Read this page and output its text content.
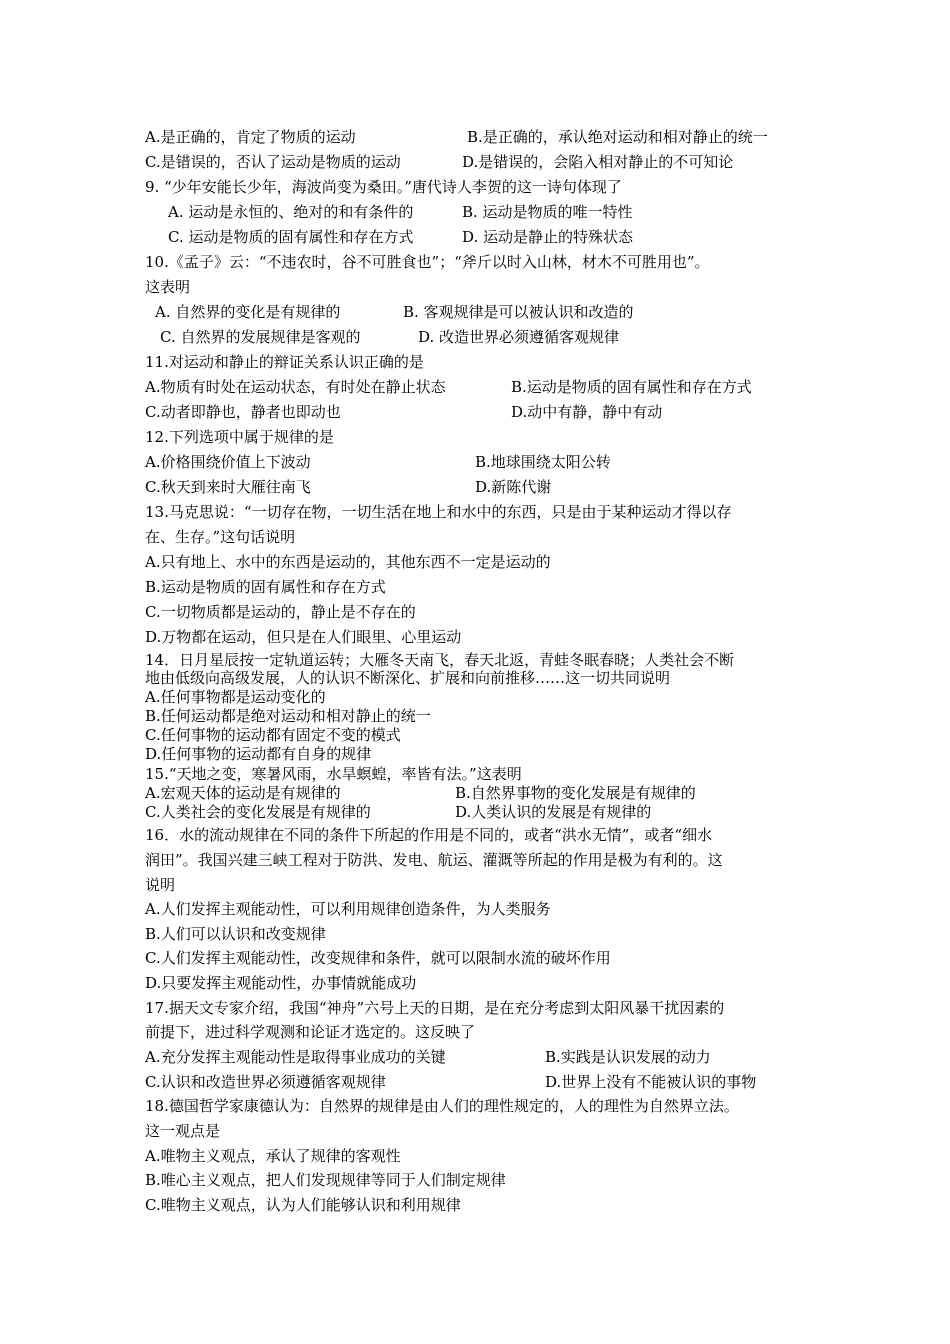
A.是正确的，肯定了物质的运动	B.是正确的，承认绝对运动和相对静止的统一
C.是错误的，否认了运动是物质的运动	D.是错误的，会陷入相对静止的不可知论
9. “少年安能长少年，海波尚变为桑田。”唐代诗人李贺的这一诗句体现了
A. 运动是永恒的、绝对的和有条件的	B. 运动是物质的唯一特性
C. 运动是物质的固有属性和存在方式	D. 运动是静止的特殊状态
10.《孟子》云：“不违农时，谷不可胜食也”；“斧斤以时入山林，材木不可胜用也”。
这表明
A. 自然界的变化是有规律的	B. 客观规律是可以被认识和改造的
C. 自然界的发展规律是客观的	D. 改造世界必须遵循客观规律
11.对运动和静止的辩证关系认识正确的是
A.物质有时处在运动状态，有时处在静止状态	B.运动是物质的固有属性和存在方式
C.动者即静也，静者也即动也	D.动中有静，静中有动
12.下列选项中属于规律的是
A.价格围绕价值上下波动	B.地球围绕太阳公转
C.秋天到来时大雁往南飞	D.新陈代谢
13.马克思说：“一切存在物，一切生活在地上和水中的东西，只是由于某种运动才得以存
在、生存。”这句话说明
A.只有地上、水中的东西是运动的，其他东西不一定是运动的
B.运动是物质的固有属性和存在方式
C.一切物质都是运动的，静止是不存在的
D.万物都在运动，但只是在人们眼里、心里运动
14．日月星辰按一定轨道运转；大雁冬天南飞，春天北返，青蛙冬眠春晓；人类社会不断
地由低级向高级发展，人的认识不断深化、扩展和向前推移……这一切共同说明
A.任何事物都是运动变化的
B.任何运动都是绝对运动和相对静止的统一
C.任何事物的运动都有固定不变的模式
D.任何事物的运动都有自身的规律
15.“天地之变，寒暑风雨，水旱螟蝗，率皆有法。”这表明
A.宏观天体的运动是有规律的	B.自然界事物的变化发展是有规律的
C.人类社会的变化发展是有规律的	D.人类认识的发展是有规律的
16．水的流动规律在不同的条件下所起的作用是不同的，或者“洪水无情”，或者“细水
润田”。我国兴建三峡工程对于防洪、发电、航运、灌溉等所起的作用是极为有利的。这
说明
A.人们发挥主观能动性，可以利用规律创造条件，为人类服务
B.人们可以认识和改变规律
C.人们发挥主观能动性，改变规律和条件，就可以限制水流的破坏作用
D.只要发挥主观能动性，办事情就能成功
17.据天文专家介绍，我国“神舟”六号上天的日期，是在充分考虑到太阳风暴干扰因素的
前提下，进过科学观测和论证才选定的。这反映了
A.充分发挥主观能动性是取得事业成功的关键	B.实践是认识发展的动力
C.认识和改造世界必须遵循客观规律	D.世界上没有不能被认识的事物
18.德国哲学家康德认为：自然界的规律是由人们的理性规定的，人的理性为自然界立法。
这一观点是
A.唯物主义观点，承认了规律的客观性
B.唯心主义观点，把人们发现规律等同于人们制定规律
C.唯物主义观点，认为人们能够认识和利用规律
